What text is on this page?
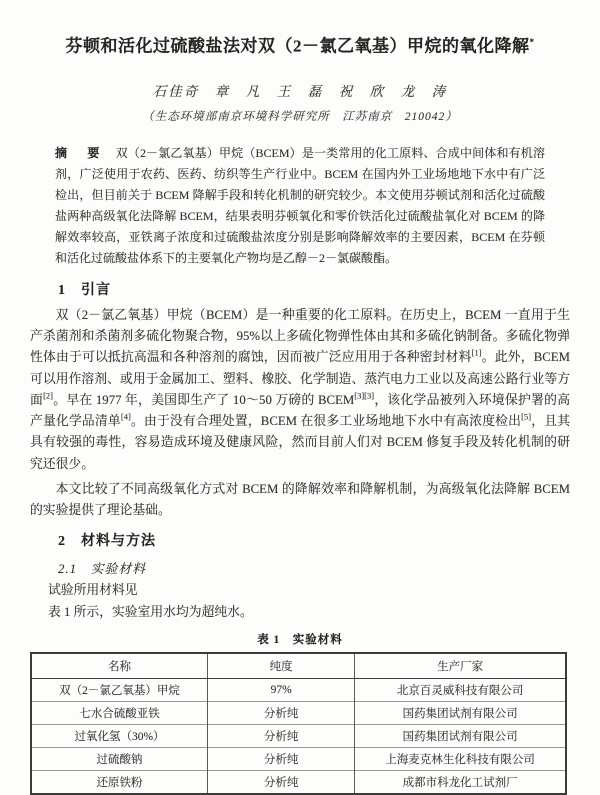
芬顿和活化过硫酸盐法对双（2－氯乙氧基）甲烷的氧化降解*
石佳奇　章　凡　王　磊　祝　欣　龙　涛
（生态环境部南京环境科学研究所　江苏南京　210042）

摘　要　 双（2－氯乙氧基）甲烷（BCEM）是一类常用的化工原料、合成中间体和有机溶剂，广泛使用于农药、医药、纺织等生产行业中。BCEM 在国内外工业场地地下水中有广泛检出，但目前关于 BCEM 降解手段和转化机制的研究较少。本文使用芬顿试剂和活化过硫酸盐两种高级氧化法降解 BCEM，结果表明芬顿氧化和零价铁活化过硫酸盐氧化对 BCEM 的降解效率较高，亚铁离子浓度和过硫酸盐浓度分别是影响降解效率的主要因素，BCEM 在芬顿和活化过硫酸盐体系下的主要氧化产物均是乙醇－2－氯碳酸酯。

1　引言

双（2－氯乙氧基）甲烷（BCEM）是一种重要的化工原料。在历史上，BCEM 一直用于生产杀菌剂和杀菌剂多硫化物聚合物，95%以上多硫化物弹性体由其和多硫化钠制备。多硫化物弹性体由于可以抵抗高温和各种溶剂的腐蚀，因而被广泛应用用于各种密封材料[1]。此外，BCEM 可以用作溶剂、或用于金属加工、塑料、橡胶、化学制造、蒸汽电力工业以及高速公路行业等方面[2]。早在 1977 年，美国即生产了 10～50 万磅的 BCEM[3][3]，该化学品被列入环境保护署的高产量化学品清单[4]。由于没有合理处置，BCEM 在很多工业场地地下水中有高浓度检出[5]，且其具有较强的毒性，容易造成环境及健康风险，然而目前人们对 BCEM 修复手段及转化机制的研究还很少。

本文比较了不同高级氧化方式对 BCEM 的降解效率和降解机制，为高级氧化法降解 BCEM 的实验提供了理论基础。

2　材料与方法
2.1　实验材料
试验所用材料见
表 1 所示，实验室用水均为超纯水。
表 1　实验材料
名称	纯度	生产厂家
双（2－氯乙氧基）甲烷	97%	北京百灵威科技有限公司
七水合硫酸亚铁	分析纯	国药集团试剂有限公司
过氧化氢（30%）	分析纯	国药集团试剂有限公司
过硫酸钠	分析纯	上海麦克林生化科技有限公司
还原铁粉	分析纯	成都市科龙化工试剂厂
